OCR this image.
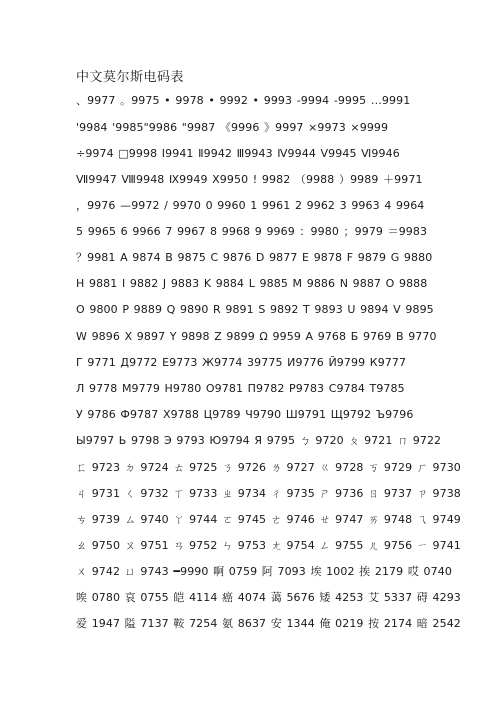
中文莫尔斯电码表
、9977 。9975 • 9978 • 9992 • 9993 -9994 -9995 …9991
'9984 '9985"9986 "9987 《9996 》9997 ×9973 ×9999
÷9974 □9998 Ⅰ9941 Ⅱ9942 Ⅲ9943 Ⅳ9944 Ⅴ9945 Ⅵ9946
Ⅶ9947 Ⅷ9948 Ⅸ9949 Ⅹ9950 ! 9982 （9988 ）9989 ＋9971
，9976 —9972 / 9970 0 9960 1 9961 2 9962 3 9963 4 9964
5 9965 6 9966 7 9967 8 9968 9 9969 ：9980 ；9979 ＝9983
？9981 A 9874 B 9875 C 9876 D 9877 E 9878 F 9879 G 9880
H 9881 I 9882 J 9883 K 9884 L 9885 M 9886 N 9887 O 9888
O 9800 P 9889 Q 9890 R 9891 S 9892 T 9893 U 9894 V 9895
W 9896 X 9897 Y 9898 Z 9899 Ω 9959 A 9768 Б 9769 В 9770
Г 9771 Д9772 Е9773 Ж9774 39775 И9776 Й9799 К9777
Л 9778 М9779 Н9780 О9781 П9782 Р9783 С9784 Т9785
У 9786 Ф9787 Х9788 Ц9789 Ч9790 Ш9791 Щ9792 Ъ9796
Ы9797 Ь 9798 Э 9793 Ю9794 Я 9795 ㄅ 9720 ㄆ 9721 ㄇ 9722
ㄈ 9723 ㄉ 9724 ㄊ 9725 ㄋ 9726 ㄌ 9727 ㄍ 9728 ㄎ 9729 ㄏ 9730
ㄐ 9731 ㄑ 9732 ㄒ 9733 ㄓ 9734 ㄔ 9735 ㄕ 9736 ㄖ 9737 ㄗ 9738
ㄘ 9739 ㄙ 9740 ㄚ 9744 ㄛ 9745 ㄜ 9746 ㄝ 9747 ㄞ 9748 ㄟ 9749
ㄠ 9750 ㄡ 9751 ㄢ 9752 ㄣ 9753 ㄤ 9754 ㄥ 9755 ㄦ 9756 ㄧ 9741
ㄨ 9742 ㄩ 9743 ━9990 啊 0759 阿 7093 埃 1002 挨 2179 哎 0740
唉 0780 哀 0755 皑 4114 癌 4074 蔼 5676 矮 4253 艾 5337 碍 4293
爱 1947 隘 7137 鞍 7254 氨 8637 安 1344 俺 0219 按 2174 暗 2542
